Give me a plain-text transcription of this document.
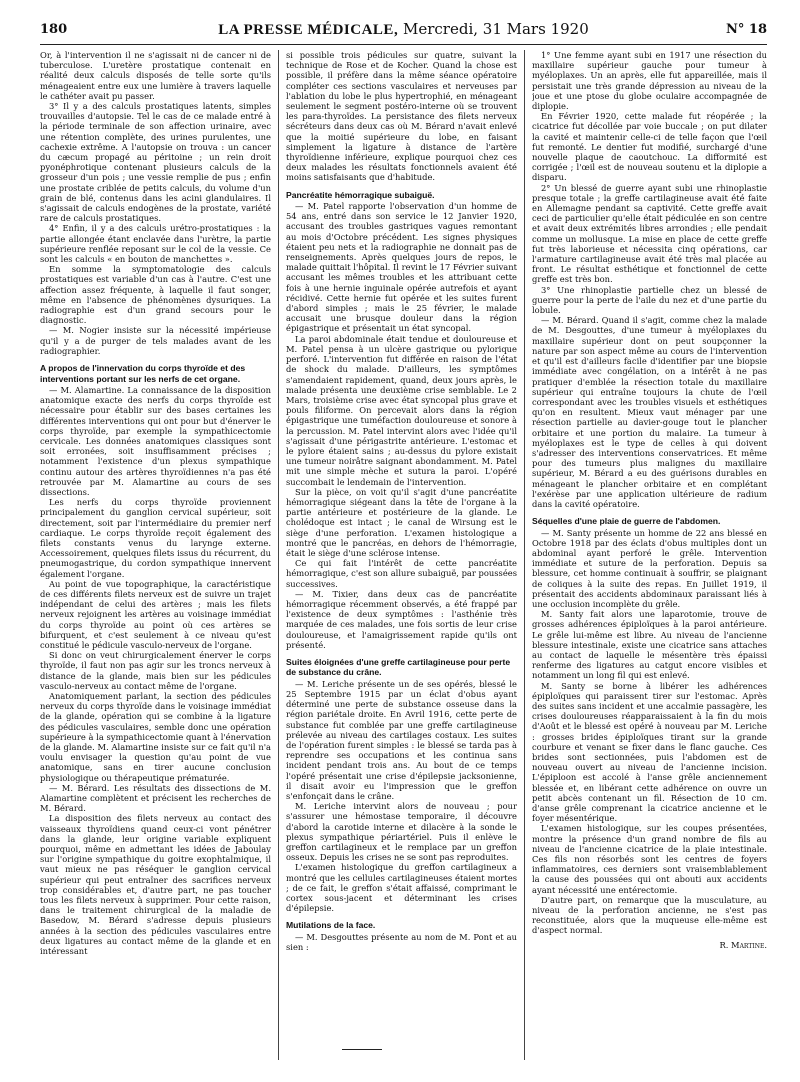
180	LA PRESSE MÉDICALE, Mercredi, 31 Mars 1920	N° 18

Or, à l'intervention il ne s'agissait ni de cancer ni de tuberculose. L'uretère prostatique contenait en réalité deux calculs disposés de telle sorte qu'ils ménageaient entre eux une lumière à travers laquelle le cathéter avait pu passer.

3° Il y a des calculs prostatiques latents, simples trouvailles d'autopsie. Tel le cas de ce malade entré à la période terminale de son affection urinaire, avec une rétention complète, des urines purulentes, une cachexie extrême. A l'autopsie on trouva : un cancer du cæcum propagé au péritoine ; un rein droit pyonéphrotique contenant plusieurs calculs de la grosseur d'un pois ; une vessie remplie de pus ; enfin une prostate criblée de petits calculs, du volume d'un grain de blé, contenus dans les acini glandulaires. Il s'agissait de calculs endogènes de la prostate, variété rare de calculs prostatiques.

4° Enfin, il y a des calculs urétro-prostatiques : la partie allongée étant enclavée dans l'urètre, la partie supérieure renflée reposant sur le col de la vessie. Ce sont les calculs « en bouton de manchettes ».

En somme la symptomatologie des calculs prostatiques est variable d'un cas à l'autre. C'est une affection assez fréquente, à laquelle il faut songer, même en l'absence de phénomènes dysuriques. La radiographie est d'un grand secours pour le diagnostic.

— M. Nogier insiste sur la nécessité impérieuse qu'il y a de purger de tels malades avant de les radiographier.

A propos de l'innervation du corps thyroïde et des interventions portant sur les nerfs de cet organe.

— M. Alamartine. La connaissance de la disposition anatomique exacte des nerfs du corps thyroïde est nécessaire pour établir sur des bases certaines les différentes interventions qui ont pour but d'énerver le corps thyroïde, par exemple la sympathicectomie cervicale. Les données anatomiques classiques sont soit erronées, soit insuffisamment précises ; notamment l'existence d'un plexus sympathique continu autour des artères thyroïdiennes n'a pas été retrouvée par M. Alamartine au cours de ses dissections.

Les nerfs du corps thyroïde proviennent principalement du ganglion cervical supérieur, soit directement, soit par l'intermédiaire du premier nerf cardiaque. Le corps thyroïde reçoit également des filets constants venus du larynge externe. Accessoirement, quelques filets issus du récurrent, du pneumogastrique, du cordon sympathique innervent également l'organe.

Au point de vue topographique, la caractéristique de ces différents filets nerveux est de suivre un trajet indépendant de celui des artères ; mais les filets nerveux rejoignent les artères au voisinage immédiat du corps thyroïde au point où ces artères se bifurquent, et c'est seulement à ce niveau qu'est constitué le pédicule vasculo-nerveux de l'organe.

Si donc on veut chirurgicalement énerver le corps thyroïde, il faut non pas agir sur les troncs nerveux à distance de la glande, mais bien sur les pédicules vasculo-nerveux au contact même de l'organe.

Anatomiquement parlant, la section des pédicules nerveux du corps thyroïde dans le voisinage immédiat de la glande, opération qui se combine à la ligature des pédicules vasculaires, semble donc une opération supérieure à la sympathicectomie quant à l'énervation de la glande. M. Alamartine insiste sur ce fait qu'il n'a voulu envisager la question qu'au point de vue anatomique, sans en tirer aucune conclusion physiologique ou thérapeutique prématurée.

— M. Bérard. Les résultats des dissections de M. Alamartine complètent et précisent les recherches de M. Bérard.

La disposition des filets nerveux au contact des vaisseaux thyroïdiens quand ceux-ci vont pénétrer dans la glande, leur origine variable expliquent pourquoi, même en admettant les idées de Jaboulay sur l'origine sympathique du goitre exophtalmique, il vaut mieux ne pas réséquer le ganglion cervical supérieur qui peut entraîner des sacrifices nerveux trop considérables et, d'autre part, ne pas toucher tous les filets nerveux à supprimer. Pour cette raison, dans le traitement chirurgical de la maladie de Basedow, M. Bérard s'adresse depuis plusieurs années à la section des pédicules vasculaires entre deux ligatures au contact même de la glande et en intéressant

si possible trois pédicules sur quatre, suivant la technique de Rose et de Kocher. Quand la chose est possible, il préfère dans la même séance opératoire compléter ces sections vasculaires et nerveuses par l'ablation du lobe le plus hypertrophié, en ménageant seulement le segment postéro-interne où se trouvent les para-thyroïdes. La persistance des filets nerveux sécréteurs dans deux cas où M. Bérard n'avait enlevé que la moitié supérieure du lobe, en faisant simplement la ligature à distance de l'artère thyroïdienne inférieure, explique pourquoi chez ces deux malades les résultats fonctionnels avaient été moins satisfaisants que d'habitude.

Pancréatite hémorragique subaiguë.

— M. Patel rapporte l'observation d'un homme de 54 ans, entré dans son service le 12 Janvier 1920, accusant des troubles gastriques vagues remontant au mois d'Octobre précédent. Les signes physiques étaient peu nets et la radiographie ne donnait pas de renseignements. Après quelques jours de repos, le malade quittait l'hôpital. Il revint le 17 Février suivant accusant les mêmes troubles et les attribuant cette fois à une hernie inguinale opérée autrefois et ayant récidivé. Cette hernie fut opérée et les suites furent d'abord simples ; mais le 25 février, le malade accusait une brusque douleur dans la région épigastrique et présentait un état syncopal.

La paroi abdominale était tendue et douloureuse et M. Patel pensa à un ulcère gastrique ou pylorique perforé. L'intervention fut différée en raison de l'état de shock du malade. D'ailleurs, les symptômes s'amendaient rapidement, quand, deux jours après, le malade présenta une deuxième crise semblable. Le 2 Mars, troisième crise avec état syncopal plus grave et pouls filiforme. On percevait alors dans la région épigastrique une tuméfaction douloureuse et sonore à la percussion. M. Patel intervint alors avec l'idée qu'il s'agissait d'une périgastrite antérieure. L'estomac et le pylore étaient sains ; au-dessus du pylore existait une tumeur noirâtre saignant abondamment. M. Patel mit une simple mèche et sutura la paroi. L'opéré succombait le lendemain de l'intervention.

Sur la pièce, on voit qu'il s'agit d'une pancréatite hémorragique siégeant dans la tête de l'organe à la partie antérieure et postérieure de la glande. Le cholédoque est intact ; le canal de Wirsung est le siège d'une perforation. L'examen histologique a montré que le pancréas, en dehors de l'hémorragie, était le siège d'une sclérose intense.

Ce qui fait l'intérêt de cette pancréatite hémorragique, c'est son allure subaiguë, par poussées successives.

— M. Tixier, dans deux cas de pancréatite hémorragique récemment observés, a été frappé par l'existence de deux symptômes : l'asthénie très marquée de ces malades, une fois sortis de leur crise douloureuse, et l'amaigrissement rapide qu'ils ont présenté.

Suites éloignées d'une greffe cartilagineuse pour perte de substance du crâne.

— M. Leriche présente un de ses opérés, blessé le 25 Septembre 1915 par un éclat d'obus ayant déterminé une perte de substance osseuse dans la région pariétale droite. En Avril 1916, cette perte de substance fut comblée par une greffe cartilagineuse prélevée au niveau des cartilages costaux. Les suites de l'opération furent simples : le blessé se tarda pas à reprendre ses occupations et les continua sans incident pendant trois ans. Au bout de ce temps l'opéré présentait une crise d'épilepsie jacksonienne, il disait avoir eu l'impression que le greffon s'enfonçait dans le crâne.

M. Leriche intervint alors de nouveau ; pour s'assurer une hémostase temporaire, il découvre d'abord la carotide interne et dilacère à la sonde le plexus sympathique périartériel. Puis il enlève le greffon cartilagineux et le remplace par un greffon osseux. Depuis les crises ne se sont pas reproduites.

L'examen histologique du greffon cartilagineux a montré que les cellules cartilagineuses étaient mortes ; de ce fait, le greffon s'était affaissé, comprimant le cortex sous-jacent et déterminant les crises d'épilepsie.

Mutilations de la face.

— M. Desgouttes présente au nom de M. Pont et au sien :

1° Une femme ayant subi en 1917 une résection du maxillaire supérieur gauche pour tumeur à myéloplaxes. Un an après, elle fut appareillée, mais il persistait une très grande dépression au niveau de la joue et une ptose du globe oculaire accompagnée de diplopie.

En Février 1920, cette malade fut réopérée ; la cicatrice fut décollée par voie buccale ; on put dilater la cavité et maintenir celle-ci de telle façon que l'œil fut remonté. Le dentier fut modifié, surchargé d'une nouvelle plaque de caoutchouc. La difformité est corrigée ; l'œil est de nouveau soutenu et la diplopie a disparu.

2° Un blessé de guerre ayant subi une rhinoplastie presque totale ; la greffe cartilagineuse avait été faite en Allemagne pendant sa captivité. Cette greffe avait ceci de particulier qu'elle était pédiculée en son centre et avait deux extrémités libres arrondies ; elle pendait comme un mollusque. La mise en place de cette greffe fut très laborieuse et nécessita cinq opérations, car l'armature cartilagineuse avait été très mal placée au front. Le résultat esthétique et fonctionnel de cette greffe est très bon.

3° Une rhinoplastie partielle chez un blessé de guerre pour la perte de l'aile du nez et d'une partie du lobule.

— M. Bérard. Quand il s'agit, comme chez la malade de M. Desgouttes, d'une tumeur à myéloplaxes du maxillaire supérieur dont on peut soupçonner la nature par son aspect même au cours de l'intervention et qu'il est d'ailleurs facile d'identifier par une biopsie immédiate avec congélation, on a intérêt à ne pas pratiquer d'emblée la résection totale du maxillaire supérieur qui entraîne toujours la chute de l'œil correspondant avec les troubles visuels et esthétiques qu'on en resultent. Mieux vaut ménager par une résection partielle au davier-gouge tout le plancher orbitaire et une portion du malaire. La tumeur à myéloplaxes est le type de celles à qui doivent s'adresser des interventions conservatrices. Et même pour des tumeurs plus malignes du maxillaire supérieur, M. Bérard a eu des guérisons durables en ménageant le plancher orbitaire et en complétant l'exérèse par une application ultérieure de radium dans la cavité opératoire.

Séquelles d'une plaie de guerre de l'abdomen.

— M. Santy présente un homme de 22 ans blessé en Octobre 1918 par des éclats d'obus multiples dont un abdominal ayant perforé le grêle. Intervention immédiate et suture de la perforation. Depuis sa blessure, cet homme continuait à souffrir, se plaignant de coliques à la suite des repas. En Juillet 1919, il présentait des accidents abdominaux paraissant liés à une occlusion incomplète du grêle.

M. Santy fait alors une laparotomie, trouve de grosses adhérences épiploïques à la paroi antérieure. Le grêle lui-même est libre. Au niveau de l'ancienne blessure intestinale, existe une cicatrice sans attaches au contact de laquelle le mésentère très épaissi renferme des ligatures au catgut encore visibles et notamment un long fil qui est enlevé.

M. Santy se borne à libérer les adhérences épiploïques qui paraissent tirer sur l'estomac. Après des suites sans incident et une accalmie passagère, les crises douloureuses réapparaissaient à la fin du mois d'Août et le blessé est opéré à nouveau par M. Leriche : grosses brides épiploïques tirant sur la grande courbure et venant se fixer dans le flanc gauche. Ces brides sont sectionnées, puis l'abdomen est de nouveau ouvert au niveau de l'ancienne incision. L'épiploon est accolé à l'anse grêle anciennement blessée et, en libérant cette adhérence on ouvre un petit abcès contenant un fil. Résection de 10 cm. d'anse grêle comprenant la cicatrice ancienne et le foyer mésentérique.

L'examen histologique, sur les coupes présentées, montre la présence d'un grand nombre de fils au niveau de l'ancienne cicatrice de la plaie intestinale. Ces fils non résorbés sont les centres de foyers inflammatoires, ces derniers sont vraisemblablement la cause des poussées qui ont abouti aux accidents ayant nécessité une entérectomie.

D'autre part, on remarque que la musculature, au niveau de la perforation ancienne, ne s'est pas reconstituée, alors que la muqueuse elle-même est d'aspect normal.

R. Martine.
